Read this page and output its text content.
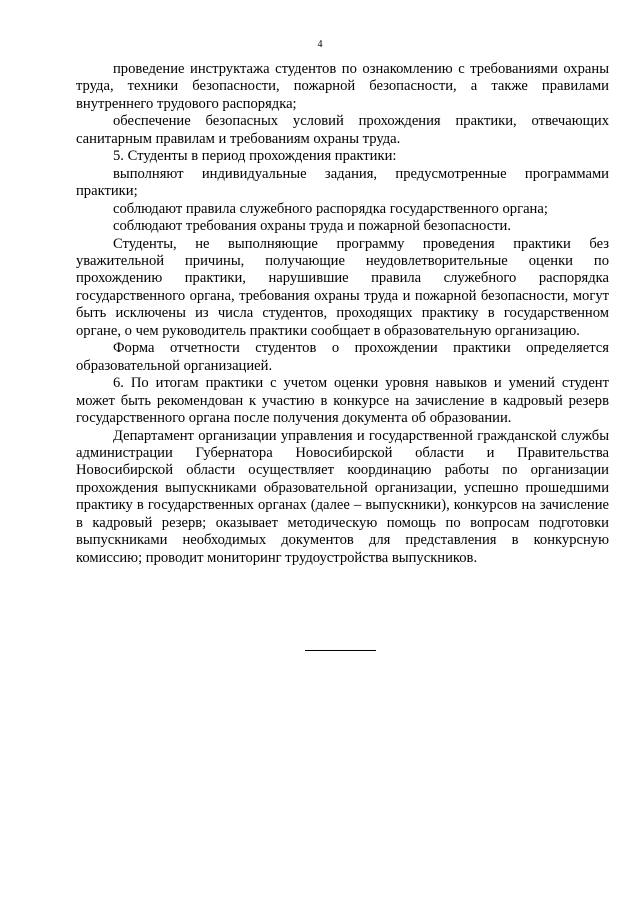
4

проведение инструктажа студентов по ознакомлению с требованиями охраны труда, техники безопасности, пожарной безопасности, а также правилами внутреннего трудового распорядка;

обеспечение безопасных условий прохождения практики, отвечающих санитарным правилам и требованиям охраны труда.

5. Студенты в период прохождения практики:

выполняют индивидуальные задания, предусмотренные программами практики;

соблюдают правила служебного распорядка государственного органа;

соблюдают требования охраны труда и пожарной безопасности.

Студенты, не выполняющие программу проведения практики без уважительной причины, получающие неудовлетворительные оценки по прохождению практики, нарушившие правила служебного распорядка государственного органа, требования охраны труда и пожарной безопасности, могут быть исключены из числа студентов, проходящих практику в государственном органе, о чем руководитель практики сообщает в образовательную организацию.

Форма отчетности студентов о прохождении практики определяется образовательной организацией.

6. По итогам практики с учетом оценки уровня навыков и умений студент может быть рекомендован к участию в конкурсе на зачисление в кадровый резерв государственного органа после получения документа об образовании.

Департамент организации управления и государственной гражданской службы администрации Губернатора Новосибирской области и Правительства Новосибирской области осуществляет координацию работы по организации прохождения выпускниками образовательной организации, успешно прошедшими практику в государственных органах (далее – выпускники), конкурсов на зачисление в кадровый резерв; оказывает методическую помощь по вопросам подготовки выпускниками необходимых документов для представления в конкурсную комиссию; проводит мониторинг трудоустройства выпускников.
